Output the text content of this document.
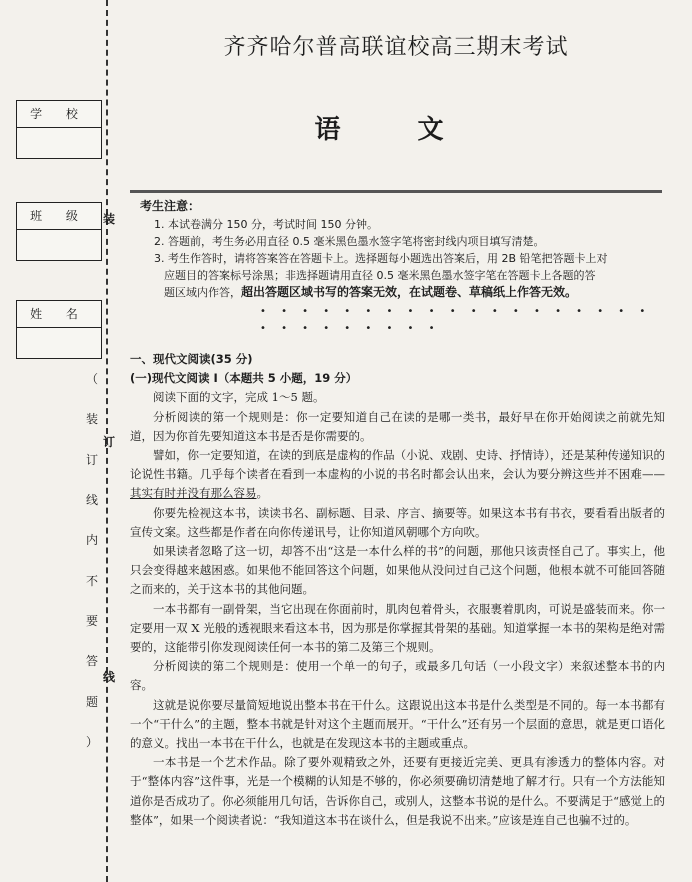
学 校
班 级
姓 名
装
订
线
（
装
订
线
内
不
要
答
题
）
齐齐哈尔普高联谊校高三期末考试
语 文
考生注意：

1. 本试卷满分 150 分，考试时间 150 分钟。

2. 答题前，考生务必用直径 0.5 毫米黑色墨水签字笔将密封线内项目填写清楚。

3. 考生作答时，请将答案答在答题卡上。选择题每小题选出答案后，用 2B 铅笔把答题卡上对

应题目的答案标号涂黑；非选择题请用直径 0.5 毫米黑色墨水签字笔在答题卡上各题的答

题区域内作答，超出答题区域书写的答案无效，在试题卷、草稿纸上作答无效。

• • • • • • • • • • • • • • • • • • • • • • • • • • • •
一、现代文阅读(35 分)
(一)现代文阅读 I（本题共 5 小题，19 分）

阅读下面的文字，完成 1～5 题。

分析阅读的第一个规则是：你一定要知道自己在读的是哪一类书，最好早在你开始阅读之前就先知道，因为你首先要知道这本书是否是你需要的。

譬如，你一定要知道，在读的到底是虚构的作品（小说、戏剧、史诗、抒情诗），还是某种传递知识的论说性书籍。几乎每个读者在看到一本虚构的小说的书名时都会认出来，会认为要分辨这些并不困难——其实有时并没有那么容易。

你要先检视这本书，读读书名、副标题、目录、序言、摘要等。如果这本书有书衣，要看看出版者的宣传文案。这些都是作者在向你传递讯号，让你知道风朝哪个方向吹。

如果读者忽略了这一切，却答不出“这是一本什么样的书”的问题，那他只该责怪自己了。事实上，他只会变得越来越困惑。如果他不能回答这个问题，如果他从没问过自己这个问题，他根本就不可能回答随之而来的，关于这本书的其他问题。

一本书都有一副骨架，当它出现在你面前时，肌肉包着骨头，衣服裹着肌肉，可说是盛装而来。你一定要用一双 X 光般的透视眼来看这本书，因为那是你掌握其骨架的基础。知道掌握一本书的架构是绝对需要的，这能带引你发现阅读任何一本书的第二及第三个规则。

分析阅读的第二个规则是：使用一个单一的句子，或最多几句话（一小段文字）来叙述整本书的内容。

这就是说你要尽量简短地说出整本书在干什么。这跟说出这本书是什么类型是不同的。每一本书都有一个“干什么”的主题，整本书就是针对这个主题而展开。“干什么”还有另一个层面的意思，就是更口语化的意义。找出一本书在干什么，也就是在发现这本书的主题或重点。

一本书是一个艺术作品。除了要外观精致之外，还要有更接近完美、更具有渗透力的整体内容。对于“整体内容”这件事，光是一个模糊的认知是不够的，你必须要确切清楚地了解才行。只有一个方法能知道你是否成功了。你必须能用几句话，告诉你自己，或别人，这整本书说的是什么。不要满足于“感觉上的整体”，如果一个阅读者说：“我知道这本书在谈什么，但是我说不出来。”应该是连自己也骗不过的。
